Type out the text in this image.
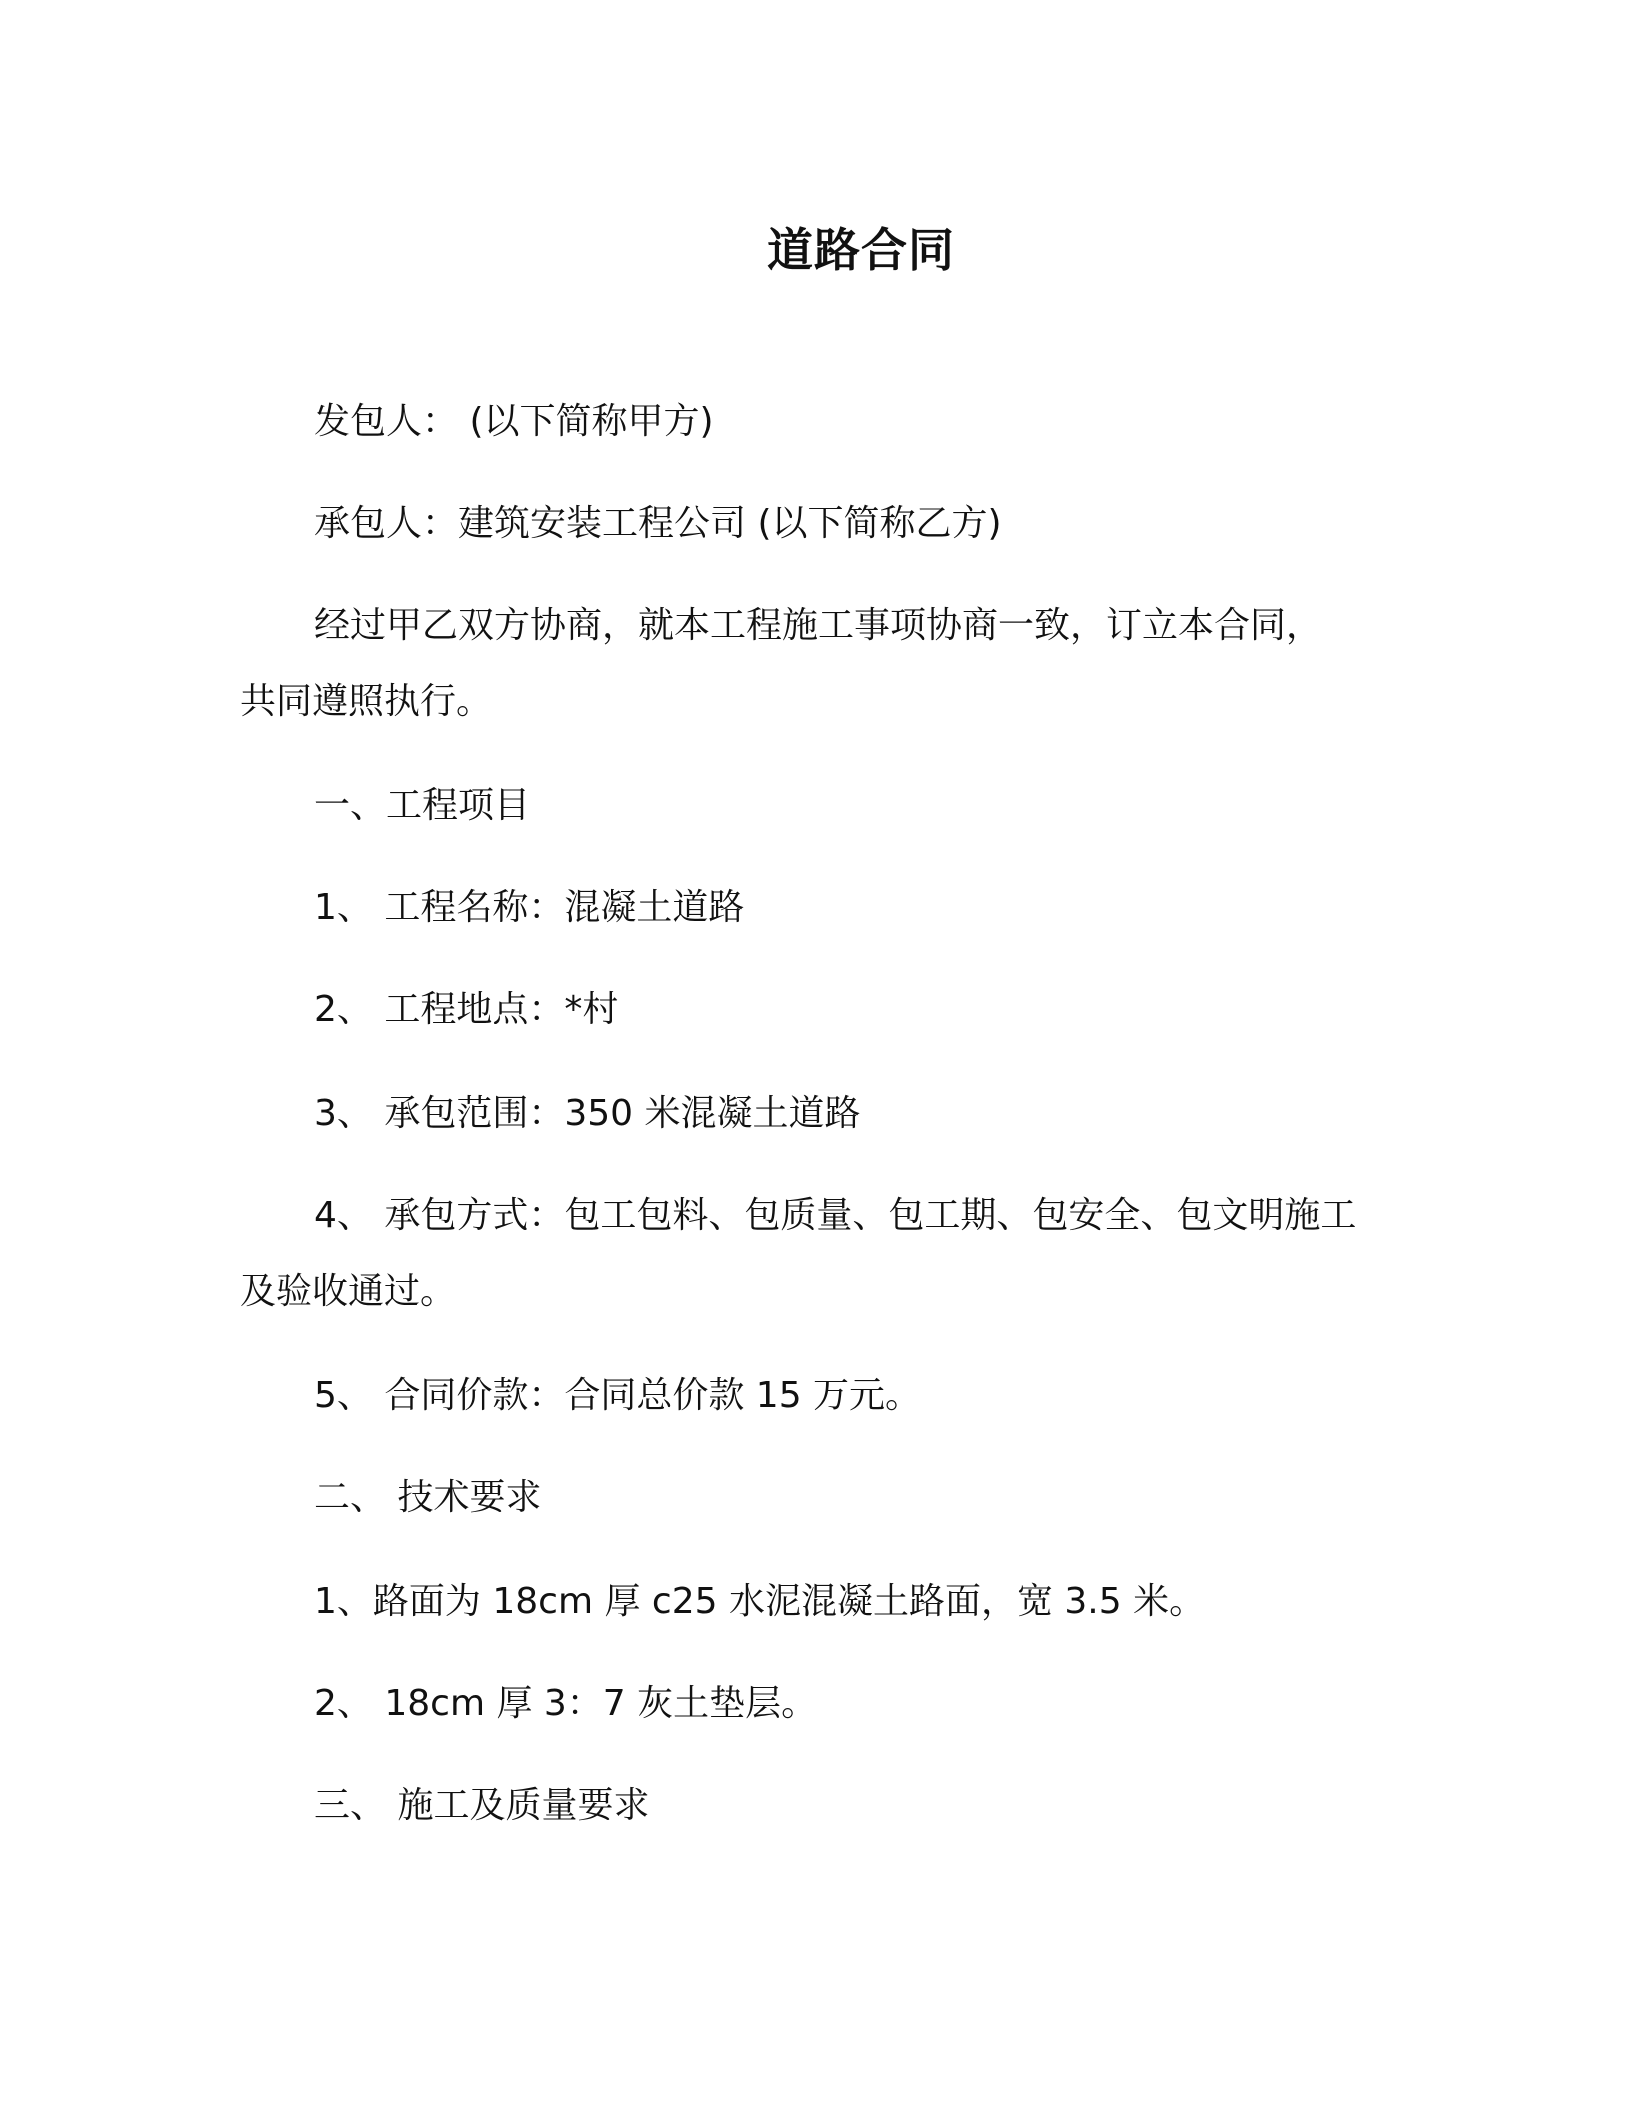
道路合同
发包人： (以下简称甲方)
承包人：建筑安装工程公司 (以下简称乙方)
经过甲乙双方协商，就本工程施工事项协商一致，订立本合同，
共同遵照执行。
一、工程项目
1、 工程名称：混凝土道路
2、 工程地点：*村
3、 承包范围：350 米混凝土道路
4、 承包方式：包工包料、包质量、包工期、包安全、包文明施工
及验收通过。
5、 合同价款：合同总价款 15 万元。
二、 技术要求
1、路面为 18cm 厚 c25 水泥混凝土路面，宽 3.5 米。
2、 18cm 厚 3：7 灰土垫层。
三、 施工及质量要求
